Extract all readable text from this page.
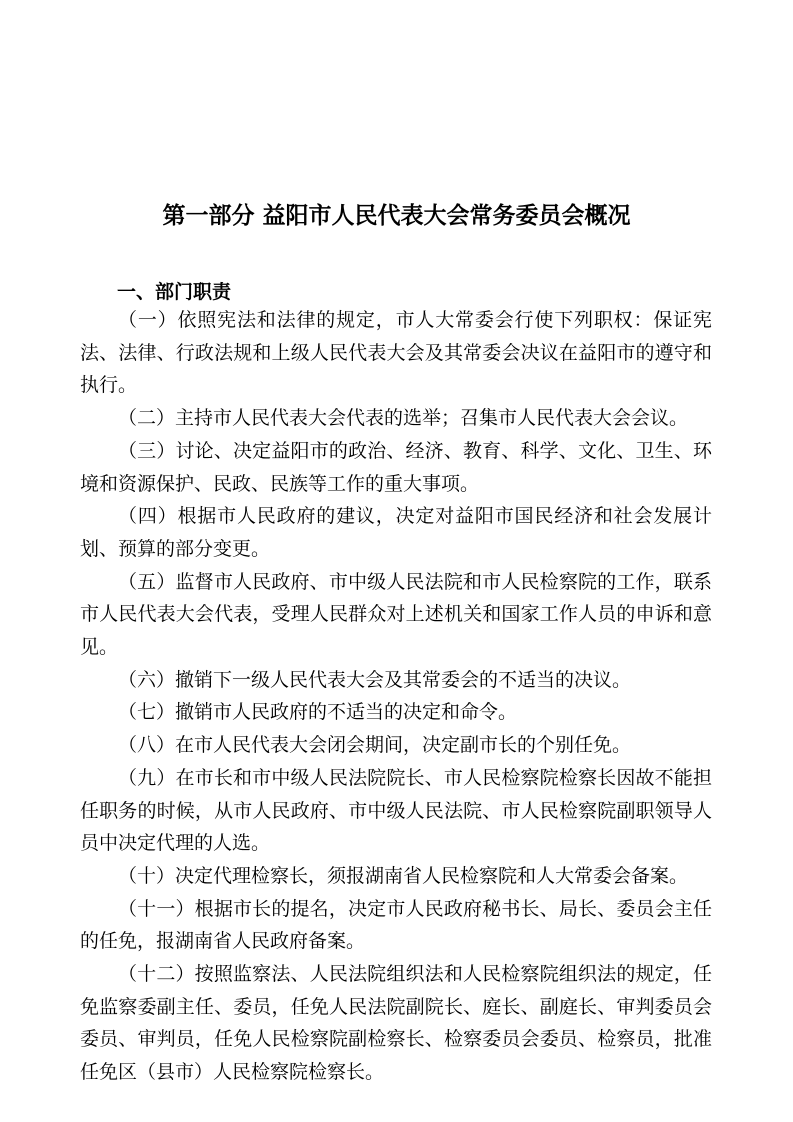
第一部分 益阳市人民代表大会常务委员会概况
一、部门职责

（一）依照宪法和法律的规定，市人大常委会行使下列职权：保证宪法、法律、行政法规和上级人民代表大会及其常委会决议在益阳市的遵守和执行。

（二）主持市人民代表大会代表的选举；召集市人民代表大会会议。

（三）讨论、决定益阳市的政治、经济、教育、科学、文化、卫生、环境和资源保护、民政、民族等工作的重大事项。

（四）根据市人民政府的建议，决定对益阳市国民经济和社会发展计划、预算的部分变更。

（五）监督市人民政府、市中级人民法院和市人民检察院的工作，联系市人民代表大会代表，受理人民群众对上述机关和国家工作人员的申诉和意见。

（六）撤销下一级人民代表大会及其常委会的不适当的决议。

（七）撤销市人民政府的不适当的决定和命令。

（八）在市人民代表大会闭会期间，决定副市长的个别任免。

（九）在市长和市中级人民法院院长、市人民检察院检察长因故不能担任职务的时候，从市人民政府、市中级人民法院、市人民检察院副职领导人员中决定代理的人选。

（十）决定代理检察长，须报湖南省人民检察院和人大常委会备案。

（十一）根据市长的提名，决定市人民政府秘书长、局长、委员会主任的任免，报湖南省人民政府备案。

（十二）按照监察法、人民法院组织法和人民检察院组织法的规定，任免监察委副主任、委员，任免人民法院副院长、庭长、副庭长、审判委员会委员、审判员，任免人民检察院副检察长、检察委员会委员、检察员，批准任免区（县市）人民检察院检察长。
